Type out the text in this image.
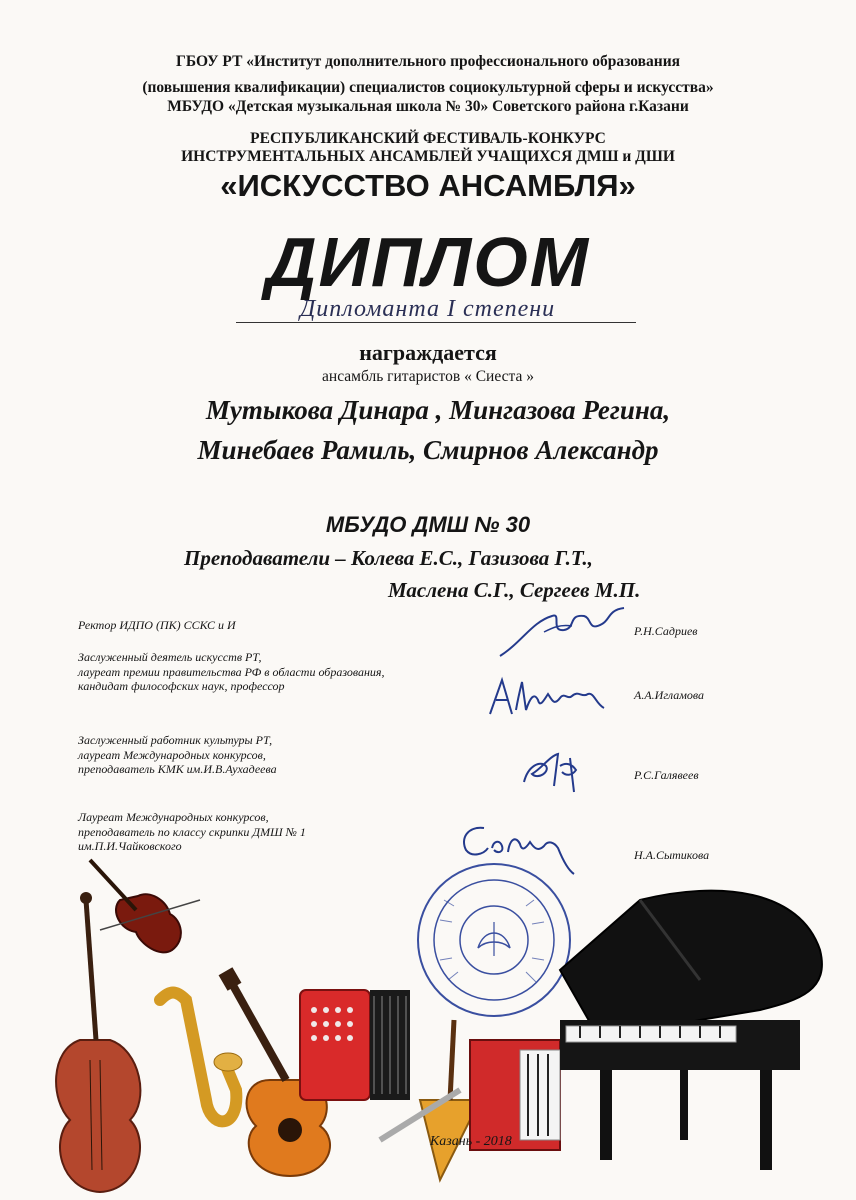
ГБОУ РТ «Институт дополнительного профессионального образования
(повышения квалификации) специалистов социокультурной сферы и искусства»
МБУДО «Детская музыкальная школа № 30» Советского района г.Казани
РЕСПУБЛИКАНСКИЙ ФЕСТИВАЛЬ-КОНКУРС
ИНСТРУМЕНТАЛЬНЫХ АНСАМБЛЕЙ УЧАЩИХСЯ ДМШ и ДШИ
«ИСКУССТВО АНСАМБЛЯ»
ДИПЛОМ
Дипломанта I степени
награждается
ансамбль гитаристов « Сиеста »
Мутыкова Динара , Мингазова Регина,
Минебаев Рамиль, Смирнов Александр
МБУДО ДМШ № 30
Преподаватели – Колева Е.С., Газизова Г.Т.,
Маслена С.Г., Сергеев М.П.
Ректор ИДПО (ПК) ССКС и И	Р.Н.Садриев
Заслуженный деятель искусств РТ,
лауреат премии правительства РФ в области образования,
кандидат философских наук, профессор
А.А.Игламова
Заслуженный работник культуры РТ,
лауреат Международных конкурсов,
преподаватель КМК им.И.В.Аухадеева	Р.С.Галявеев
Лауреат Международных конкурсов,
преподаватель по классу скрипки ДМШ № 1
им.П.И.Чайковского
Н.А.Сытикова
Казань - 2018
